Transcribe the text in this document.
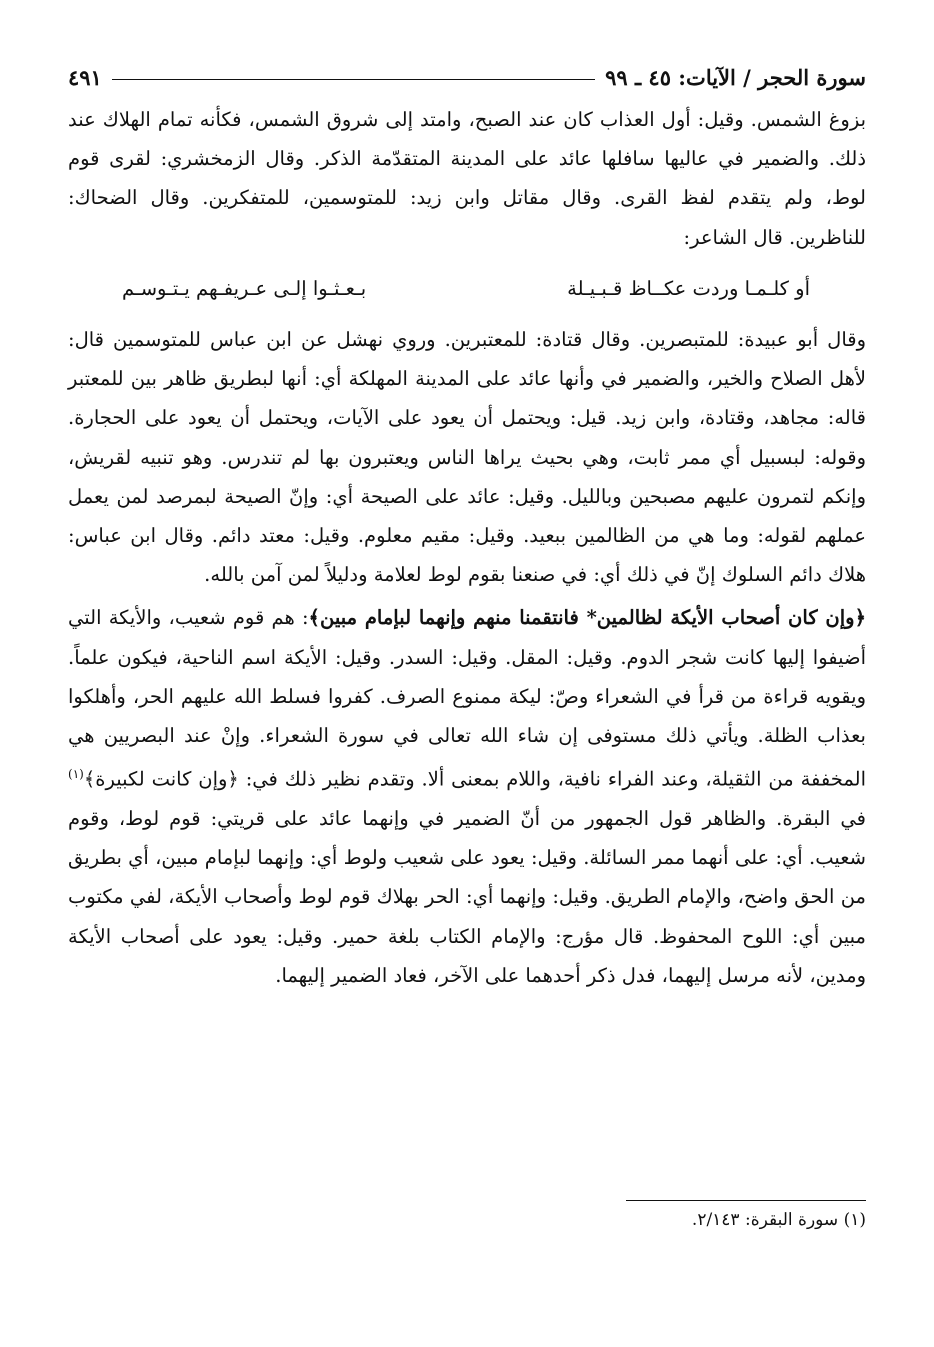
سورة الحجر / الآيات: ٤٥ ـ ٩٩
٤٩١

بزوغ الشمس. وقيل: أول العذاب كان عند الصبح، وامتد إلى شروق الشمس، فكأنه تمام الهلاك عند ذلك. والضمير في عاليها سافلها عائد على المدينة المتقدّمة الذكر. وقال الزمخشري: لقرى قوم لوط، ولم يتقدم لفظ القرى. وقال مقاتل وابن زيد: للمتوسمين، للمتفكرين. وقال الضحاك: للناظرين. قال الشاعر:

أو كلـمـا وردت عكــاظ قـبـيـلة
بـعـثـوا إلـى عـريفـهم يـتـوسـم

وقال أبو عبيدة: للمتبصرين. وقال قتادة: للمعتبرين. وروي نهشل عن ابن عباس للمتوسمين قال: لأهل الصلاح والخير، والضمير في وأنها عائد على المدينة المهلكة أي: أنها لبطريق ظاهر بين للمعتبر قاله: مجاهد، وقتادة، وابن زيد. قيل: ويحتمل أن يعود على الآيات، ويحتمل أن يعود على الحجارة. وقوله: لبسبيل أي ممر ثابت، وهي بحيث يراها الناس ويعتبرون بها لم تندرس. وهو تنبيه لقريش، وإنكم لتمرون عليهم مصبحين وبالليل. وقيل: عائد على الصيحة أي: وإنّ الصيحة لبمرصد لمن يعمل عملهم لقوله: وما هي من الظالمين ببعيد. وقيل: مقيم معلوم. وقيل: معتد دائم. وقال ابن عباس: هلاك دائم السلوك إنّ في ذلك أي: في صنعنا بقوم لوط لعلامة ودليلاً لمن آمن بالله.

﴿وإن كان أصحاب الأيكة لظالمين* فانتقمنا منهم وإنهما لبإمام مبين﴾: هم قوم شعيب، والأيكة التي أضيفوا إليها كانت شجر الدوم. وقيل: المقل. وقيل: السدر. وقيل: الأيكة اسم الناحية، فيكون علماً. ويقويه قراءة من قرأ في الشعراء وصّ: ليكة ممنوع الصرف. كفروا فسلط الله عليهم الحر، وأهلكوا بعذاب الظلة. ويأتي ذلك مستوفى إن شاء الله تعالى في سورة الشعراء. وإنْ عند البصريين هي المخففة من الثقيلة، وعند الفراء نافية، واللام بمعنى ألا. وتقدم نظير ذلك في: ﴿وإن كانت لكبيرة﴾$^{(١)}$ في البقرة. والظاهر قول الجمهور من أنّ الضمير في وإنهما عائد على قريتي: قوم لوط، وقوم شعيب. أي: على أنهما ممر السائلة. وقيل: يعود على شعيب ولوط أي: وإنهما لبإمام مبين، أي بطريق من الحق واضح، والإمام الطريق. وقيل: وإنهما أي: الحر بهلاك قوم لوط وأصحاب الأيكة، لفي مكتوب مبين أي: اللوح المحفوظ. قال مؤرج: والإمام الكتاب بلغة حمير. وقيل: يعود على أصحاب الأيكة ومدين، لأنه مرسل إليهما، فدل ذكر أحدهما على الآخر، فعاد الضمير إليهما.

(١) سورة البقرة: ٢/١٤٣.
